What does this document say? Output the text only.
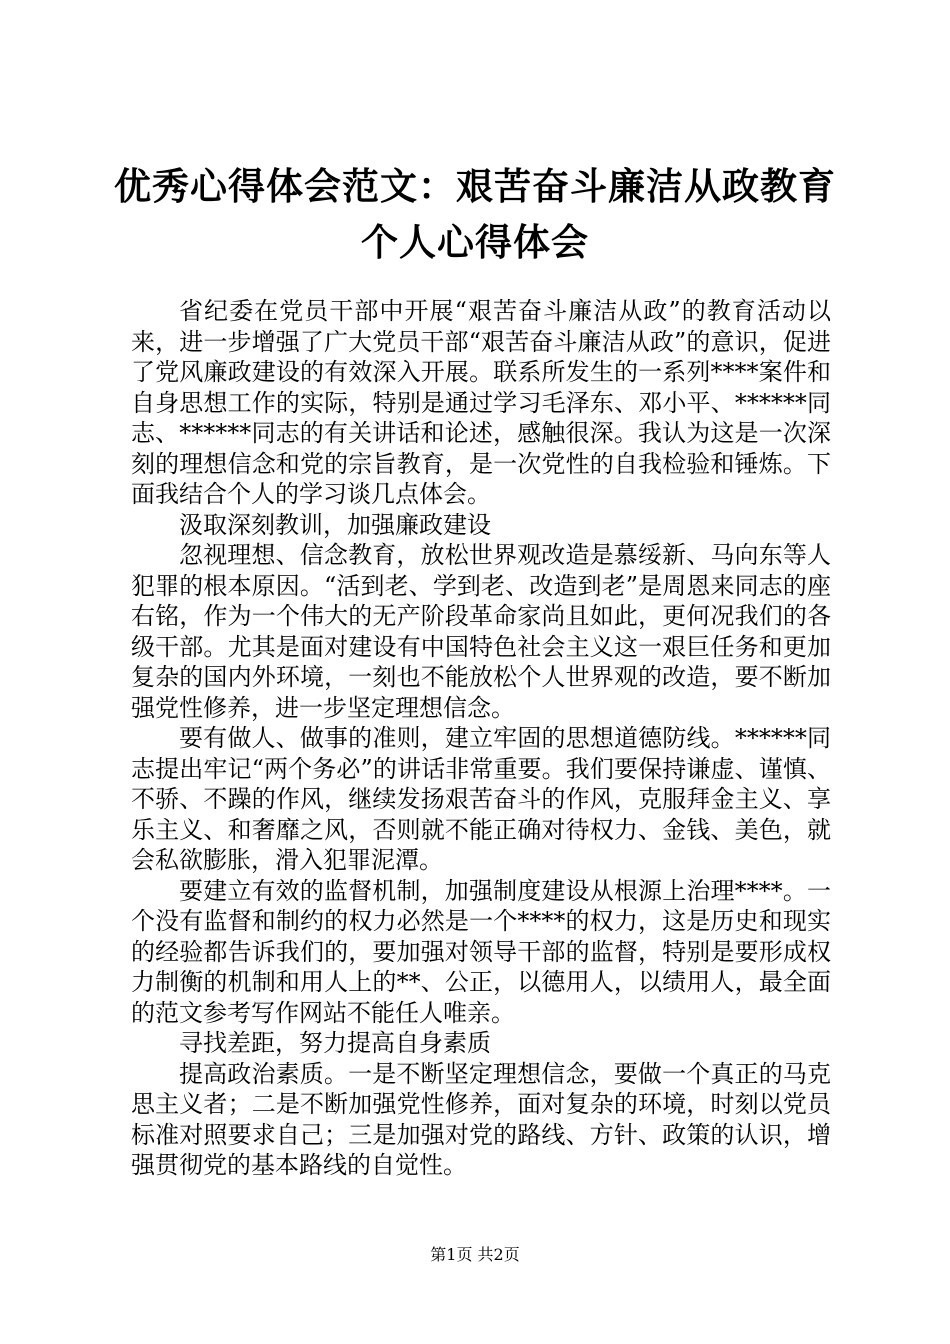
优秀心得体会范文：艰苦奋斗廉洁从政教育个人心得体会

省纪委在党员干部中开展“艰苦奋斗廉洁从政”的教育活动以来，进一步增强了广大党员干部“艰苦奋斗廉洁从政”的意识，促进了党风廉政建设的有效深入开展。联系所发生的一系列****案件和自身思想工作的实际，特别是通过学习毛泽东、邓小平、******同志、******同志的有关讲话和论述，感触很深。我认为这是一次深刻的理想信念和党的宗旨教育，是一次党性的自我检验和锤炼。下面我结合个人的学习谈几点体会。

汲取深刻教训，加强廉政建设

忽视理想、信念教育，放松世界观改造是慕绥新、马向东等人犯罪的根本原因。“活到老、学到老、改造到老”是周恩来同志的座右铭，作为一个伟大的无产阶段革命家尚且如此，更何况我们的各级干部。尤其是面对建设有中国特色社会主义这一艰巨任务和更加复杂的国内外环境，一刻也不能放松个人世界观的改造，要不断加强党性修养，进一步坚定理想信念。

要有做人、做事的准则，建立牢固的思想道德防线。******同志提出牢记“两个务必”的讲话非常重要。我们要保持谦虚、谨慎、不骄、不躁的作风，继续发扬艰苦奋斗的作风，克服拜金主义、享乐主义、和奢靡之风，否则就不能正确对待权力、金钱、美色，就会私欲膨胀，滑入犯罪泥潭。

要建立有效的监督机制，加强制度建设从根源上治理****。一个没有监督和制约的权力必然是一个****的权力，这是历史和现实的经验都告诉我们的，要加强对领导干部的监督，特别是要形成权力制衡的机制和用人上的**、公正，以德用人，以绩用人，最全面的范文参考写作网站不能任人唯亲。

寻找差距，努力提高自身素质

提高政治素质。一是不断坚定理想信念，要做一个真正的马克思主义者；二是不断加强党性修养，面对复杂的环境，时刻以党员标准对照要求自己；三是加强对党的路线、方针、政策的认识，增强贯彻党的基本路线的自觉性。

第1页 共2页
